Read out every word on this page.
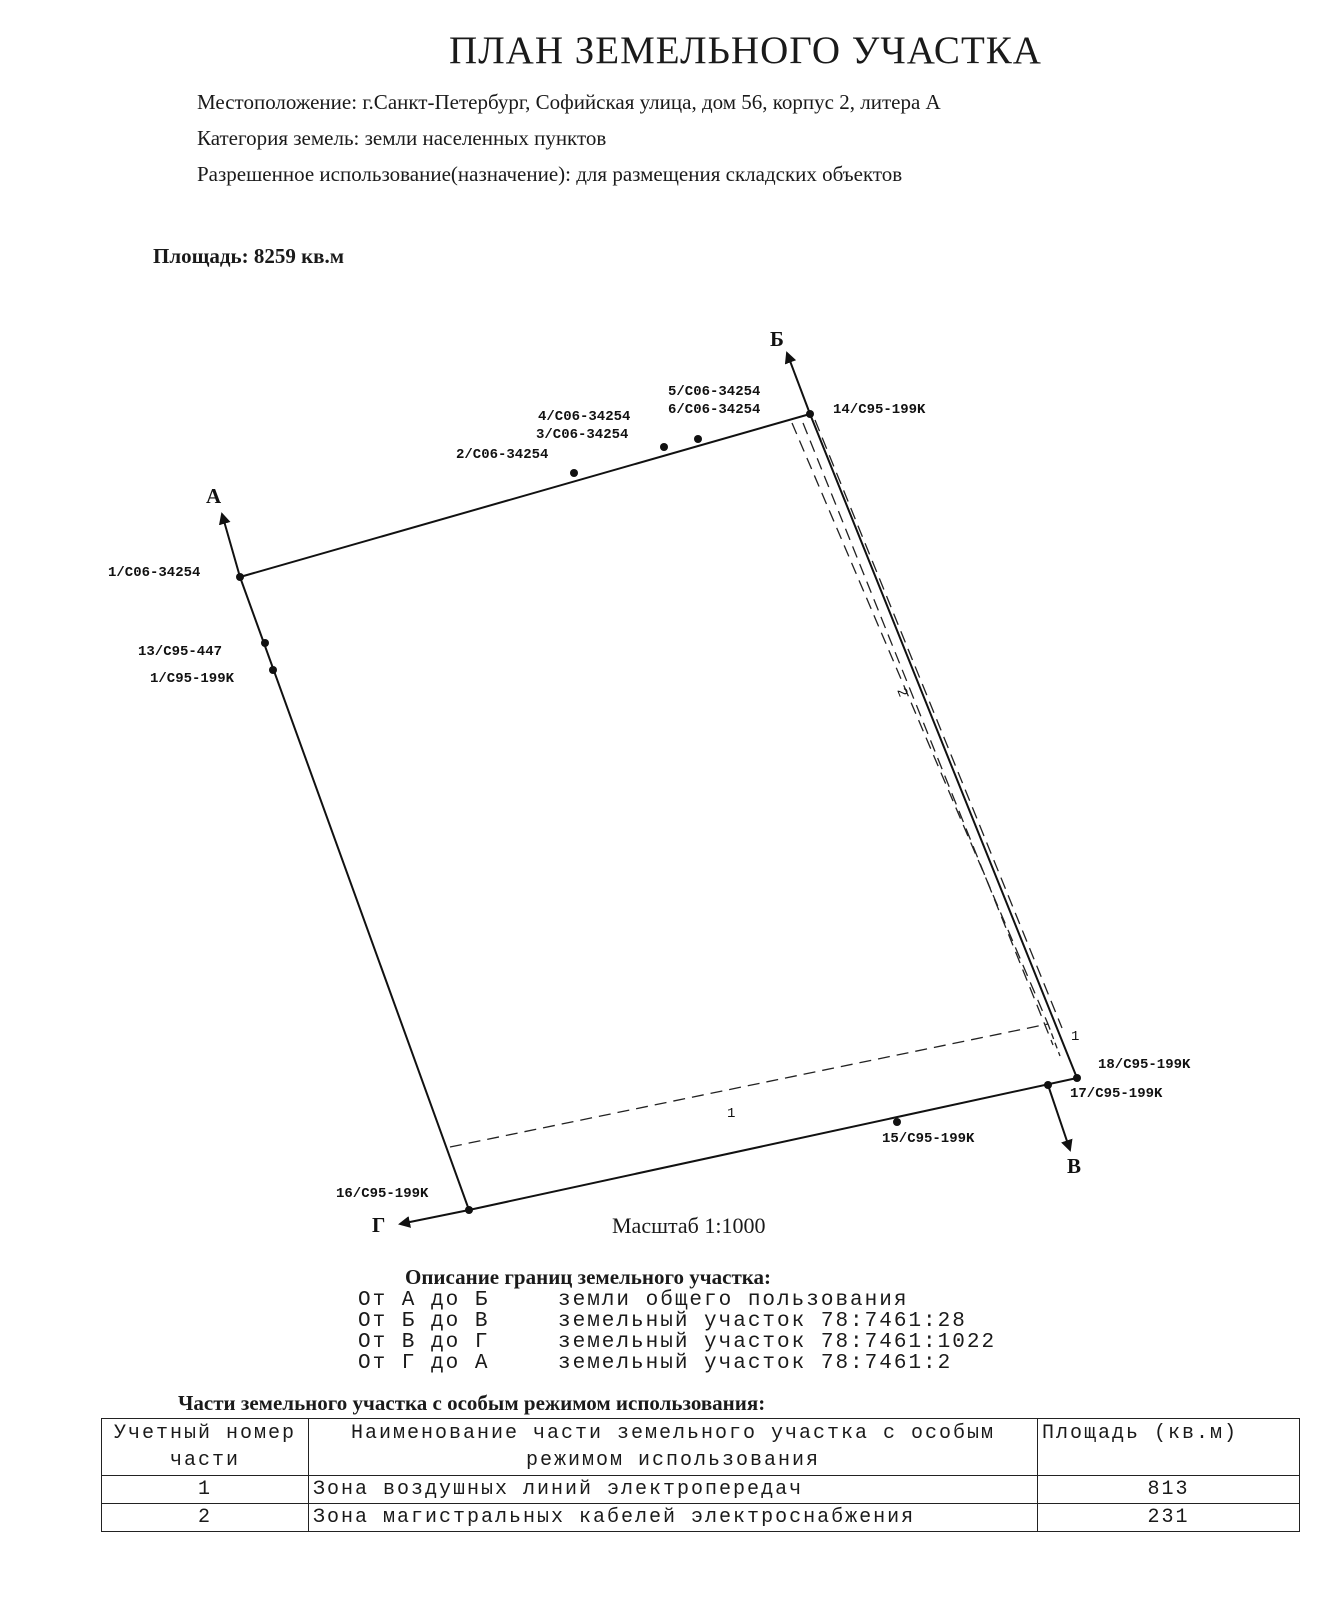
ПЛАН ЗЕМЕЛЬНОГО УЧАСТКА
Местоположение: г.Санкт-Петербург, Софийская улица, дом 56, корпус 2, литера А
Категория земель: земли населенных пунктов
Разрешенное использование(назначение): для размещения складских объектов
Площадь: 8259 кв.м
А
Б
В
Г
5/C06-34254
6/C06-34254
4/C06-34254
3/C06-34254
2/C06-34254
14/C95-199K
1/C06-34254
13/C95-447
1/C95-199K
18/C95-199K
17/C95-199K
15/C95-199K
16/C95-199K
1
1
2
Масштаб 1:1000
Описание границ земельного участка:
От А до Б	земли общего пользования
От Б до В	земельный участок 78:7461:28
От В до Г	земельный участок 78:7461:1022
От Г до А	земельный участок 78:7461:2
Части земельного участка с особым режимом использования:
Учетный номер части	Наименование части земельного участка с особым режимом использования	Площадь (кв.м)
1	Зона воздушных линий электропередач	813
2	Зона магистральных кабелей электроснабжения	231
